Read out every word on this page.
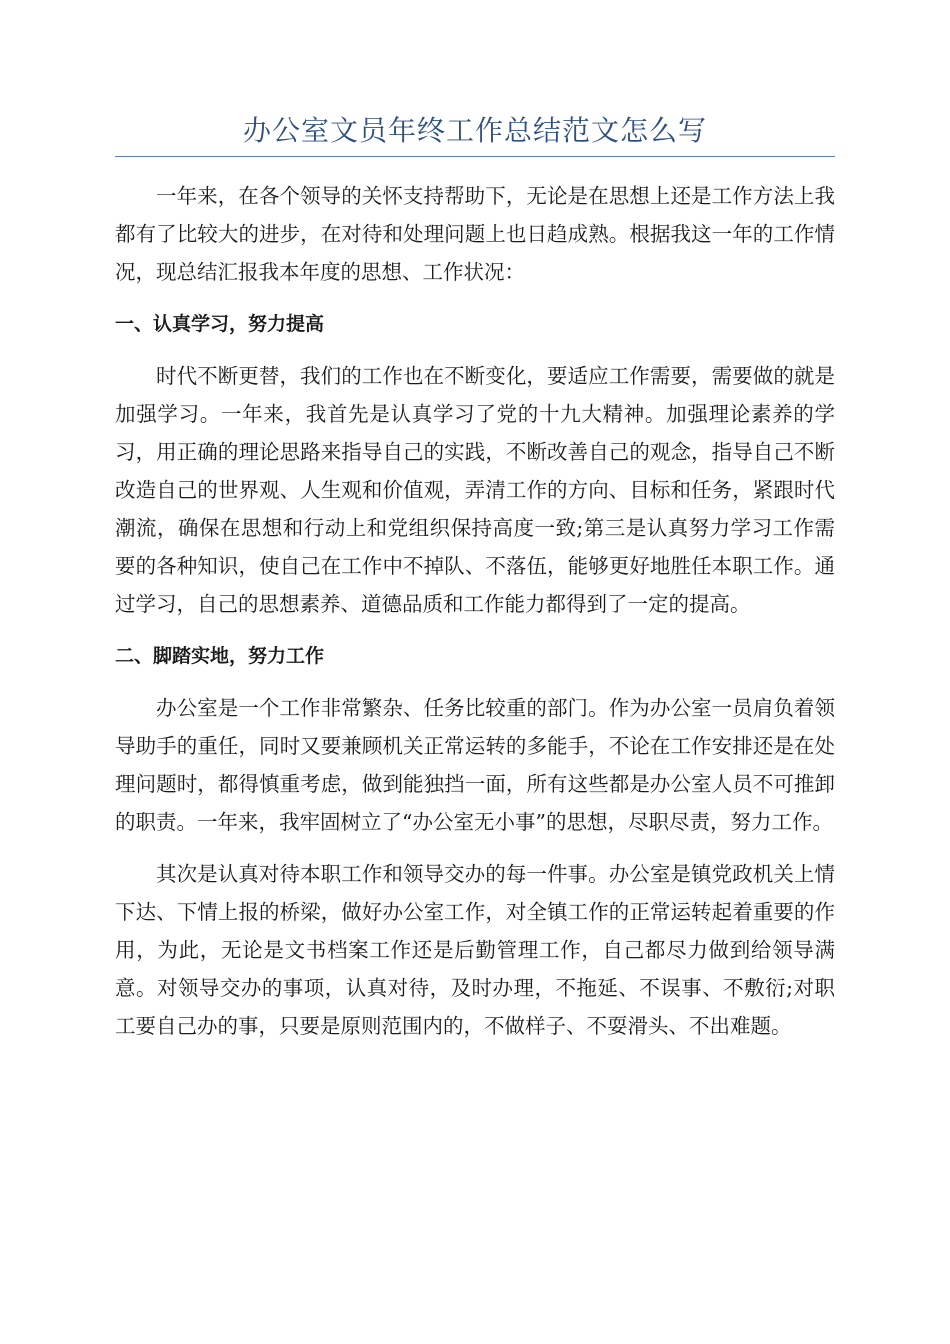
办公室文员年终工作总结范文怎么写

一年来，在各个领导的关怀支持帮助下，无论是在思想上还是工作方法上我都有了比较大的进步，在对待和处理问题上也日趋成熟。根据我这一年的工作情况，现总结汇报我本年度的思想、工作状况：

一、认真学习，努力提高

时代不断更替，我们的工作也在不断变化，要适应工作需要，需要做的就是加强学习。一年来，我首先是认真学习了党的十九大精神。加强理论素养的学习，用正确的理论思路来指导自己的实践，不断改善自己的观念，指导自己不断改造自己的世界观、人生观和价值观，弄清工作的方向、目标和任务，紧跟时代潮流，确保在思想和行动上和党组织保持高度一致;第三是认真努力学习工作需要的各种知识，使自己在工作中不掉队、不落伍，能够更好地胜任本职工作。通过学习，自己的思想素养、道德品质和工作能力都得到了一定的提高。

二、脚踏实地，努力工作

办公室是一个工作非常繁杂、任务比较重的部门。作为办公室一员肩负着领导助手的重任，同时又要兼顾机关正常运转的多能手，不论在工作安排还是在处理问题时，都得慎重考虑，做到能独挡一面，所有这些都是办公室人员不可推卸的职责。一年来，我牢固树立了“办公室无小事”的思想，尽职尽责，努力工作。

其次是认真对待本职工作和领导交办的每一件事。办公室是镇党政机关上情下达、下情上报的桥梁，做好办公室工作，对全镇工作的正常运转起着重要的作用，为此，无论是文书档案工作还是后勤管理工作，自己都尽力做到给领导满意。对领导交办的事项，认真对待，及时办理，不拖延、不误事、不敷衍;对职工要自己办的事，只要是原则范围内的，不做样子、不耍滑头、不出难题。
